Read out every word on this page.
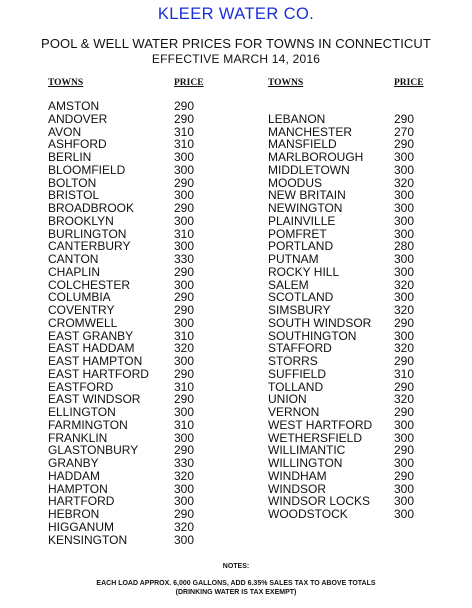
KLEER WATER CO.
POOL & WELL WATER PRICES FOR TOWNS IN CONNECTICUT
EFFECTIVE MARCH 14, 2016
TOWNS	PRICE	TOWNS	PRICE
AMSTON	290
ANDOVER	290
AVON	310
ASHFORD	310
BERLIN	300
BLOOMFIELD	300
BOLTON	290
BRISTOL	300
BROADBROOK	290
BROOKLYN	300
BURLINGTON	310
CANTERBURY	300
CANTON	330
CHAPLIN	290
COLCHESTER	300
COLUMBIA	290
COVENTRY	290
CROMWELL	300
EAST GRANBY	310
EAST HADDAM	320
EAST HAMPTON	300
EAST HARTFORD 290
EASTFORD	310
EAST WINDSOR	290
ELLINGTON	300
FARMINGTON	310
FRANKLIN	300
GLASTONBURY	290
GRANBY	330
HADDAM	320
HAMPTON	300
HARTFORD	300
HEBRON	290
HIGGANUM	320
KENSINGTON	300
LEBANON	290
MANCHESTER	270
MANSFIELD	290
MARLBOROUGH	300
MIDDLETOWN	300
MOODUS	320
NEW BRITAIN	300
NEWINGTON	300
PLAINVILLE	300
POMFRET	300
PORTLAND	280
PUTNAM	300
ROCKY HILL	300
SALEM	320
SCOTLAND	300
SIMSBURY	320
SOUTH WINDSOR 290
SOUTHINGTON	300
STAFFORD	320
STORRS	290
SUFFIELD	310
TOLLAND	290
UNION	320
VERNON	290
WEST HARTFORD 300
WETHERSFIELD	300
WILLIMANTIC	290
WILLINGTON	300
WINDHAM	290
WINDSOR	300
WINDSOR LOCKS 300
WOODSTOCK	300
NOTES:
EACH LOAD APPROX. 6,000 GALLONS, ADD 6.35% SALES TAX TO ABOVE TOTALS
(DRINKING WATER IS TAX EXEMPT)
